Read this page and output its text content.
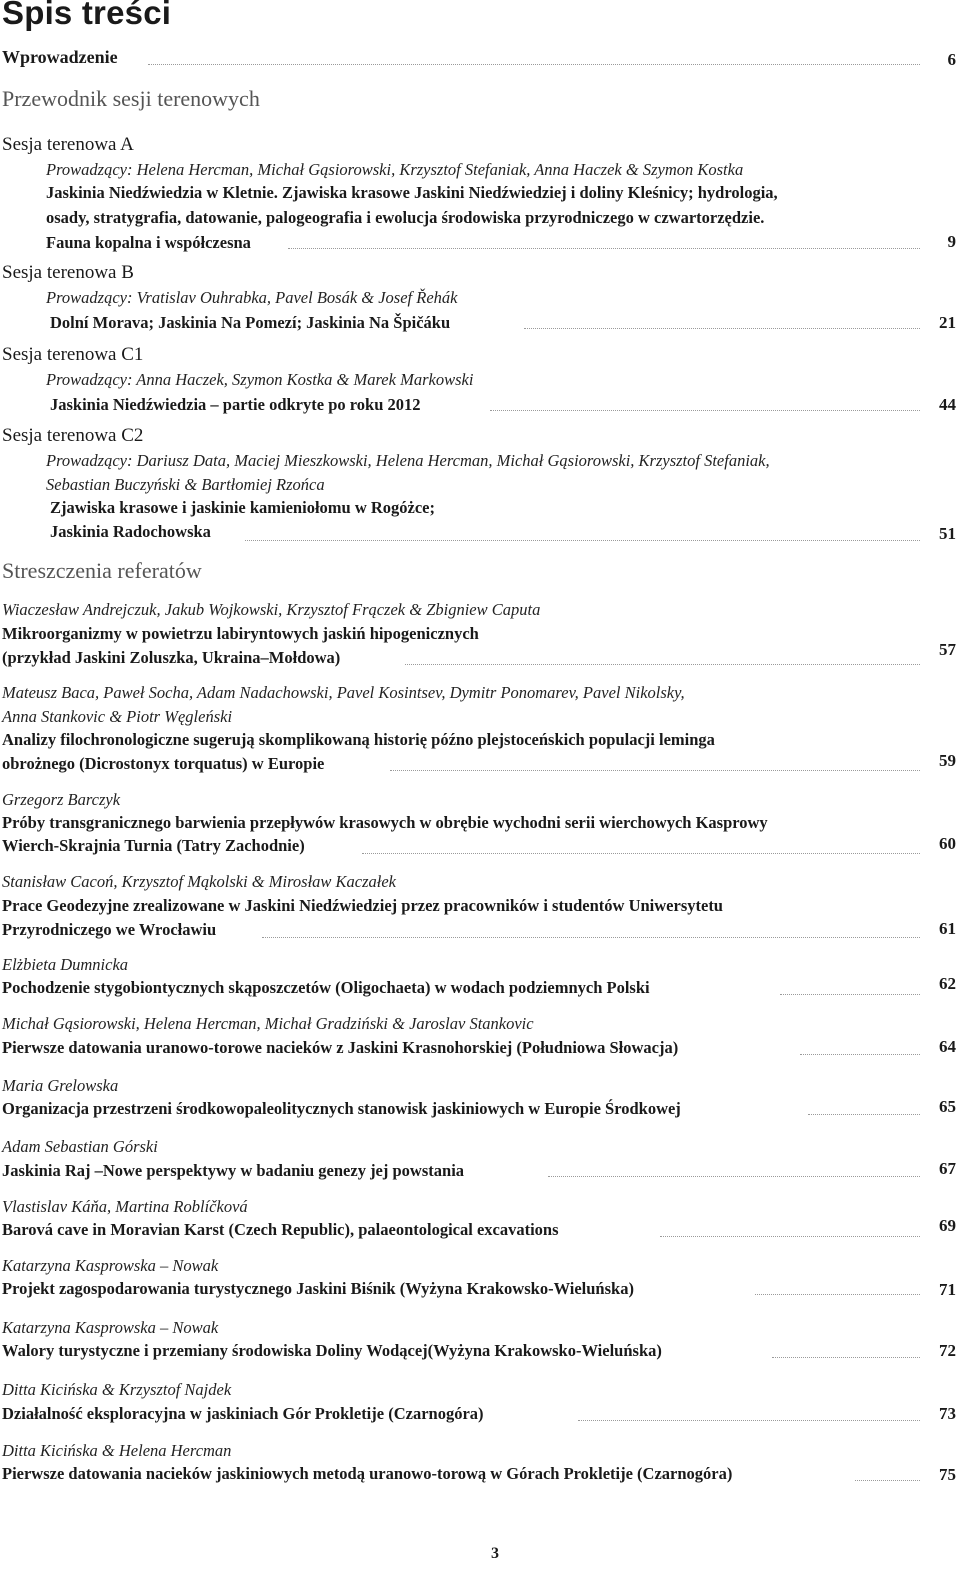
Spis treści
Wprowadzenie	6
Przewodnik sesji terenowych
Sesja terenowa A
Prowadzący: Helena Hercman, Michał Gąsiorowski, Krzysztof Stefaniak, Anna Haczek & Szymon Kostka
Jaskinia Niedźwiedzia w Kletnie. Zjawiska krasowe Jaskini Niedźwiedziej i doliny Kleśnicy; hydrologia,
osady, stratygrafia, datowanie, palogeografia i ewolucja środowiska przyrodniczego w czwartorzędzie.
Fauna kopalna i współczesna	9
Sesja terenowa B
Prowadzący: Vratislav Ouhrabka, Pavel Bosák & Josef Řehák
Dolní Morava; Jaskinia Na Pomezí; Jaskinia Na Špičáku	21
Sesja terenowa C1
Prowadzący: Anna Haczek, Szymon Kostka & Marek Markowski
Jaskinia Niedźwiedzia – partie odkryte po roku 2012	44
Sesja terenowa C2
Prowadzący: Dariusz Data, Maciej Mieszkowski, Helena Hercman, Michał Gąsiorowski, Krzysztof Stefaniak,
Sebastian Buczyński & Bartłomiej Rzońca
Zjawiska krasowe i jaskinie kamieniołomu w Rogóżce;
Jaskinia Radochowska	51
Streszczenia referatów
Wiaczesław Andrejczuk, Jakub Wojkowski, Krzysztof Frączek & Zbigniew Caputa
Mikroorganizmy w powietrzu labiryntowych jaskiń hipogenicznych
(przykład Jaskini Zoluszka, Ukraina–Mołdowa)	57
Mateusz Baca, Paweł Socha, Adam Nadachowski, Pavel Kosintsev, Dymitr Ponomarev, Pavel Nikolsky,
Anna Stankovic & Piotr Węgleński
Analizy filochronologiczne sugerują skomplikowaną historię późno plejstoceńskich populacji leminga
obrożnego (Dicrostonyx torquatus) w Europie	59
Grzegorz Barczyk
Próby transgranicznego barwienia przepływów krasowych w obrębie wychodni serii wierchowych Kasprowy
Wierch-Skrajnia Turnia (Tatry Zachodnie)	60
Stanisław Cacoń, Krzysztof Mąkolski & Mirosław Kaczałek
Prace Geodezyjne zrealizowane w Jaskini Niedźwiedziej przez pracowników i studentów Uniwersytetu
Przyrodniczego we Wrocławiu	61
Elżbieta Dumnicka
Pochodzenie stygobiontycznych skąposzczetów (Oligochaeta) w wodach podziemnych Polski	62
Michał Gąsiorowski, Helena Hercman, Michał Gradziński & Jaroslav Stankovic
Pierwsze datowania uranowo-torowe nacieków z Jaskini Krasnohorskiej (Południowa Słowacja)	64
Maria Grelowska
Organizacja przestrzeni środkowopaleolitycznych stanowisk jaskiniowych w Europie Środkowej	65
Adam Sebastian Górski
Jaskinia Raj –Nowe perspektywy w badaniu genezy jej powstania	67
Vlastislav Káňa, Martina Roblíčková
Barová cave in Moravian Karst (Czech Republic), palaeontological excavations	69
Katarzyna Kasprowska – Nowak
Projekt zagospodarowania turystycznego Jaskini Biśnik (Wyżyna Krakowsko-Wieluńska)	71
Katarzyna Kasprowska – Nowak
Walory turystyczne i przemiany środowiska Doliny Wodącej(Wyżyna Krakowsko-Wieluńska)	72
Ditta Kicińska & Krzysztof Najdek
Działalność eksploracyjna w jaskiniach Gór Prokletije (Czarnogóra)	73
Ditta Kicińska & Helena Hercman
Pierwsze datowania nacieków jaskiniowych metodą uranowo-torową w Górach Prokletije (Czarnogóra)	75
3
